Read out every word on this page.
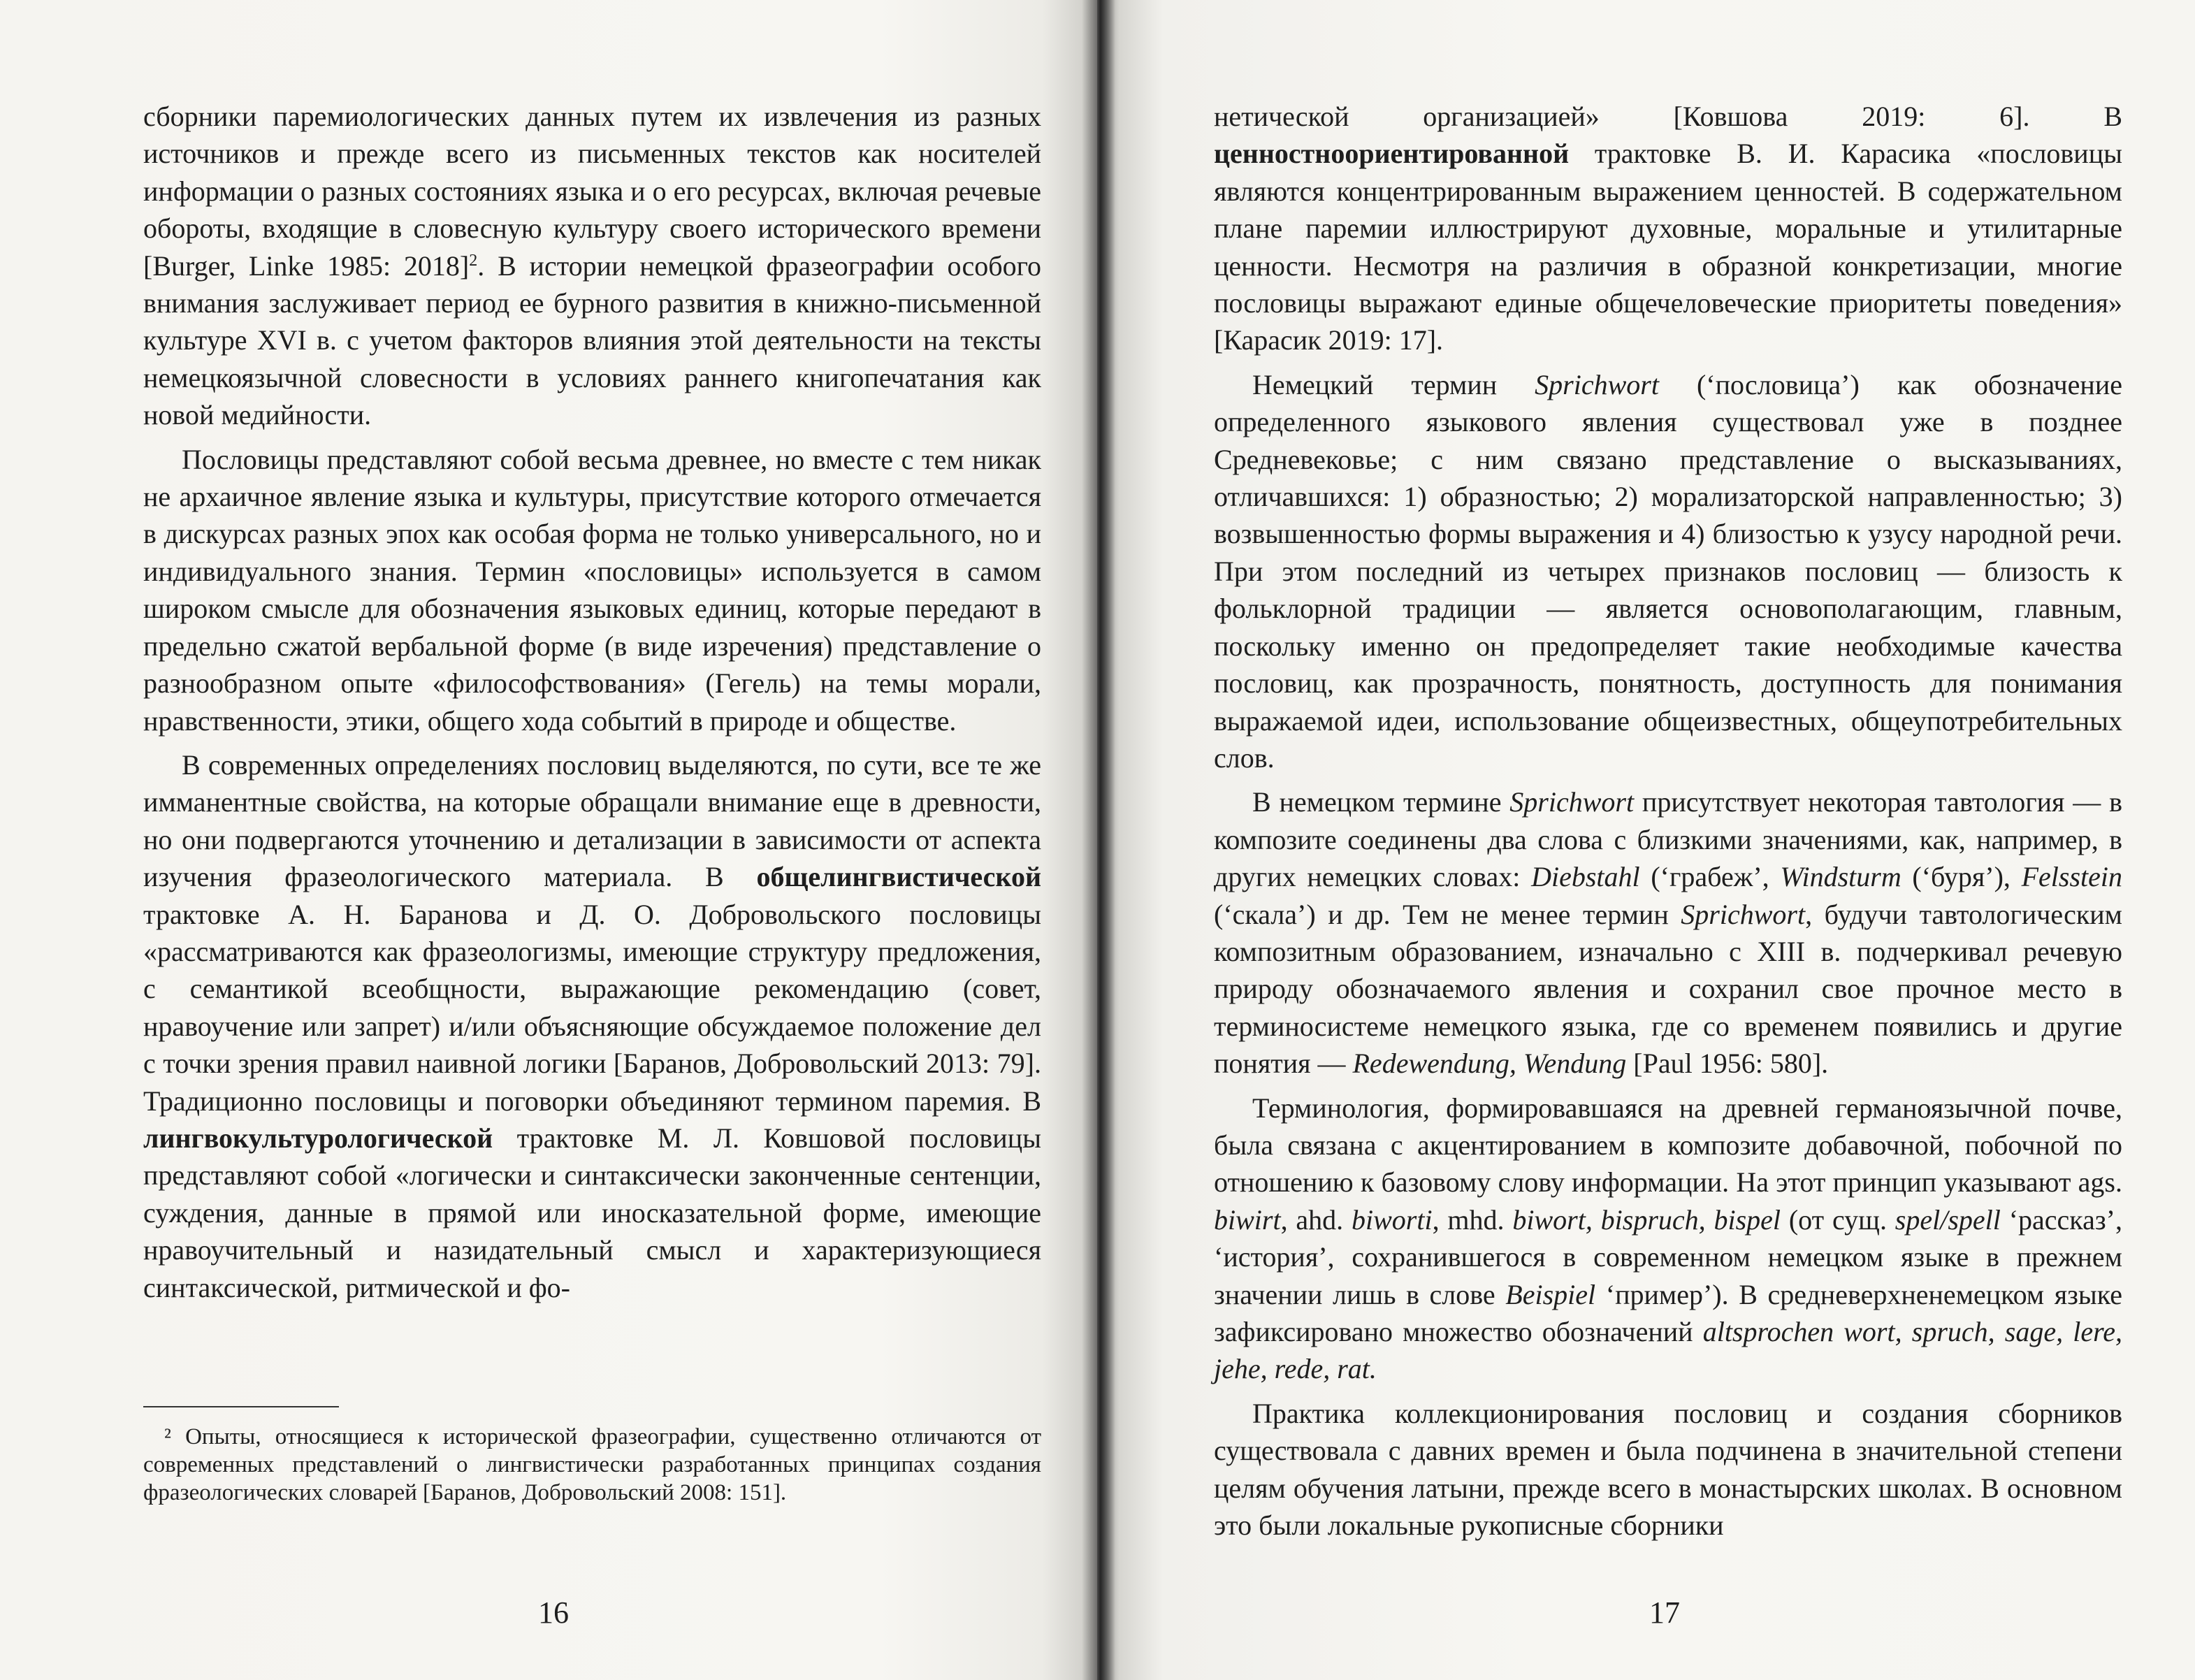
сборники паремиологических данных путем их извлечения из разных источников и прежде всего из письменных текстов как носителей информации о разных состояниях языка и о его ресурсах, включая речевые обороты, входящие в словесную культуру своего исторического времени [Burger, Linke 1985: 2018]$^2$. В истории немецкой фразеографии особого внимания заслуживает период ее бурного развития в книжно-письменной культуре XVI в. с учетом факторов влияния этой деятельности на тексты немецкоязычной словесности в условиях раннего книгопечатания как новой медийности.

Пословицы представляют собой весьма древнее, но вместе с тем никак не архаичное явление языка и культуры, присутствие которого отмечается в дискурсах разных эпох как особая форма не только универсального, но и индивидуального знания. Термин «пословицы» используется в самом широком смысле для обозначения языковых единиц, которые передают в предельно сжатой вербальной форме (в виде изречения) представление о разнообразном опыте «философствования» (Гегель) на темы морали, нравственности, этики, общего хода событий в природе и обществе.

В современных определениях пословиц выделяются, по сути, все те же имманентные свойства, на которые обращали внимание еще в древности, но они подвергаются уточнению и детализации в зависимости от аспекта изучения фразеологического материала. В общелингвистической трактовке А. Н. Баранова и Д. О. Добровольского пословицы «рассматриваются как фразеологизмы, имеющие структуру предложения, с семантикой всеобщности, выражающие рекомендацию (совет, нравоучение или запрет) и/или объясняющие обсуждаемое положение дел с точки зрения правил наивной логики [Баранов, Добровольский 2013: 79]. Традиционно пословицы и поговорки объединяют термином паремия. В лингвокультурологической трактовке М. Л. Ковшовой пословицы представляют собой «логически и синтаксически законченные сентенции, суждения, данные в прямой или иносказательной форме, имеющие нравоучительный и назидательный смысл и характеризующиеся синтаксической, ритмической и фо-

² Опыты, относящиеся к исторической фразеографии, существенно отличаются от современных представлений о лингвистически разработанных принципах создания фразеологических словарей [Баранов, Добровольский 2008: 151].
16

нетической организацией» [Ковшова 2019: 6]. В ценностноориентированной трактовке В. И. Карасика «пословицы являются концентрированным выражением ценностей. В содержательном плане паремии иллюстрируют духовные, моральные и утилитарные ценности. Несмотря на различия в образной конкретизации, многие пословицы выражают единые общечеловеческие приоритеты поведения» [Карасик 2019: 17].

Немецкий термин Sprichwort (‘пословица’) как обозначение определенного языкового явления существовал уже в позднее Средневековье; с ним связано представление о высказываниях, отличавшихся: 1) образностью; 2) морализаторской направленностью; 3) возвышенностью формы выражения и 4) близостью к узусу народной речи. При этом последний из четырех признаков пословиц — близость к фольклорной традиции — является основополагающим, главным, поскольку именно он предопределяет такие необходимые качества пословиц, как прозрачность, понятность, доступность для понимания выражаемой идеи, использование общеизвестных, общеупотребительных слов.

В немецком термине Sprichwort присутствует некоторая тавтология — в композите соединены два слова с близкими значениями, как, например, в других немецких словах: Diebstahl (‘грабеж’, Windsturm (‘буря’), Felsstein (‘скала’) и др. Тем не менее термин Sprichwort, будучи тавтологическим композитным образованием, изначально с XIII в. подчеркивал речевую природу обозначаемого явления и сохранил свое прочное место в терминосистеме немецкого языка, где со временем появились и другие понятия — Redewendung, Wendung [Paul 1956: 580].

Терминология, формировавшаяся на древней германоязычной почве, была связана с акцентированием в композите добавочной, побочной по отношению к базовому слову информации. На этот принцип указывают ags. biwirt, ahd. biworti, mhd. biwort, bispruch, bispel (от сущ. spel/spell ‘рассказ’, ‘история’, сохранившегося в современном немецком языке в прежнем значении лишь в слове Beispiel ‘пример’). В средневерхненемецком языке зафиксировано множество обозначений altsprochen wort, spruch, sage, lere, jehe, rede, rat.

Практика коллекционирования пословиц и создания сборников существовала с давних времен и была подчинена в значительной степени целям обучения латыни, прежде всего в монастырских школах. В основном это были локальные рукописные сборники

17
